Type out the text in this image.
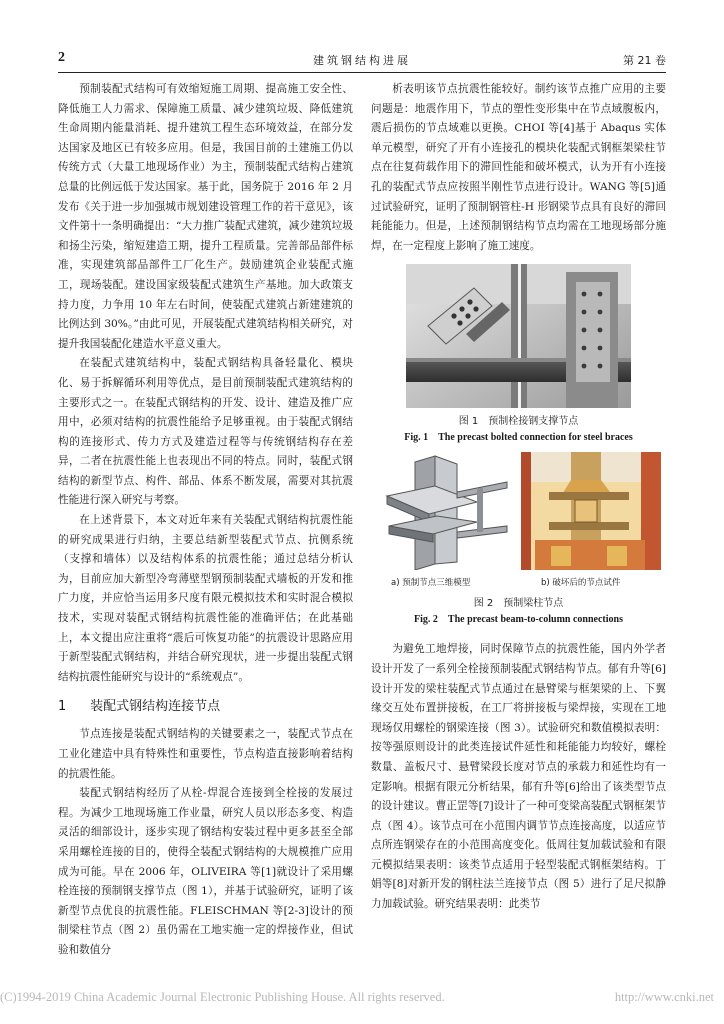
2	建筑钢结构进展	第 21 卷

预制装配式结构可有效缩短施工周期、提高施工安全性、降低施工人力需求、保障施工质量、减少建筑垃圾、降低建筑生命周期内能量消耗、提升建筑工程生态环境效益，在部分发达国家及地区已有较多应用。但是，我国目前的土建施工仍以传统方式（大量工地现场作业）为主，预制装配式结构占建筑总量的比例远低于发达国家。基于此，国务院于 2016 年 2 月发布《关于进一步加强城市规划建设管理工作的若干意见》，该文件第十一条明确提出：“大力推广装配式建筑，减少建筑垃圾和扬尘污染，缩短建造工期，提升工程质量。完善部品部件标准，实现建筑部品部件工厂化生产。鼓励建筑企业装配式施工，现场装配。建设国家级装配式建筑生产基地。加大政策支持力度，力争用 10 年左右时间，使装配式建筑占新建建筑的比例达到 30%。”由此可见，开展装配式建筑结构相关研究，对提升我国装配化建造水平意义重大。

在装配式建筑结构中，装配式钢结构具备轻量化、模块化、易于拆解循环利用等优点，是目前预制装配式建筑结构的主要形式之一。在装配式钢结构的开发、设计、建造及推广应用中，必须对结构的抗震性能给予足够重视。由于装配式钢结构的连接形式、传力方式及建造过程等与传统钢结构存在差异，二者在抗震性能上也表现出不同的特点。同时，装配式钢结构的新型节点、构件、部品、体系不断发展，需要对其抗震性能进行深入研究与考察。

在上述背景下，本文对近年来有关装配式钢结构抗震性能的研究成果进行归纳，主要总结新型装配式节点、抗侧系统（支撑和墙体）以及结构体系的抗震性能；通过总结分析认为，目前应加大新型冷弯薄壁型钢预制装配式墙板的开发和推广力度，并应恰当运用多尺度有限元模拟技术和实时混合模拟技术，实现对装配式钢结构抗震性能的准确评估；在此基础上，本文提出应注重将“震后可恢复功能”的抗震设计思路应用于新型装配式钢结构，并结合研究现状，进一步提出装配式钢结构抗震性能研究与设计的“系统观点”。

1 装配式钢结构连接节点

节点连接是装配式钢结构的关键要素之一，装配式节点在工业化建造中具有特殊性和重要性，节点构造直接影响着结构的抗震性能。

装配式钢结构经历了从栓-焊混合连接到全栓接的发展过程。为减少工地现场施工作业量，研究人员以形态多变、构造灵活的细部设计，逐步实现了钢结构安装过程中更多甚至全部采用螺栓连接的目的，使得全装配式钢结构的大规模推广应用成为可能。早在 2006 年，OLIVEIRA 等[1]就设计了采用螺栓连接的预制钢支撑节点（图 1），并基于试验研究，证明了该新型节点优良的抗震性能。FLEISCHMAN 等[2-3]设计的预制梁柱节点（图 2）虽仍需在工地实施一定的焊接作业，但试验和数值分

析表明该节点抗震性能较好。制约该节点推广应用的主要问题是：地震作用下，节点的塑性变形集中在节点域腹板内，震后损伤的节点域难以更换。CHOI 等[4]基于 Abaqus 实体单元模型，研究了开有小连接孔的模块化装配式钢框架梁柱节点在往复荷载作用下的滞回性能和破坏模式，认为开有小连接孔的装配式节点应按照半刚性节点进行设计。WANG 等[5]通过试验研究，证明了预制钢管柱-H 形钢梁节点具有良好的滞回耗能能力。但是，上述预制钢结构节点均需在工地现场部分施焊，在一定程度上影响了施工速度。

图 1　预制栓接钢支撑节点
Fig. 1　The precast bolted connection for steel braces
a) 预制节点三维模型	b) 破坏后的节点试件
图 2　预制梁柱节点
Fig. 2　The precast beam-to-column connections

为避免工地焊接，同时保障节点的抗震性能，国内外学者设计开发了一系列全栓接预制装配式钢结构节点。郁有升等[6]设计开发的梁柱装配式节点通过在悬臂梁与框架梁的上、下翼缘交互处布置拼接板，在工厂将拼接板与梁焊接，实现在工地现场仅用螺栓的钢梁连接（图 3）。试验研究和数值模拟表明：按等强原则设计的此类连接试件延性和耗能能力均较好，螺栓数量、盖板尺寸、悬臂梁段长度对节点的承载力和延性均有一定影响。根据有限元分析结果，郁有升等[6]给出了该类型节点的设计建议。曹正罡等[7]设计了一种可变梁高装配式钢框架节点（图 4）。该节点可在小范围内调节节点连接高度，以适应节点所连钢梁存在的小范围高度变化。低周往复加载试验和有限元模拟结果表明：该类节点适用于轻型装配式钢框架结构。丁娟等[8]对新开发的钢柱法兰连接节点（图 5）进行了足尺拟静力加载试验。研究结果表明：此类节

(C)1994-2019 China Academic Journal Electronic Publishing House. All rights reserved.	http://www.cnki.net
